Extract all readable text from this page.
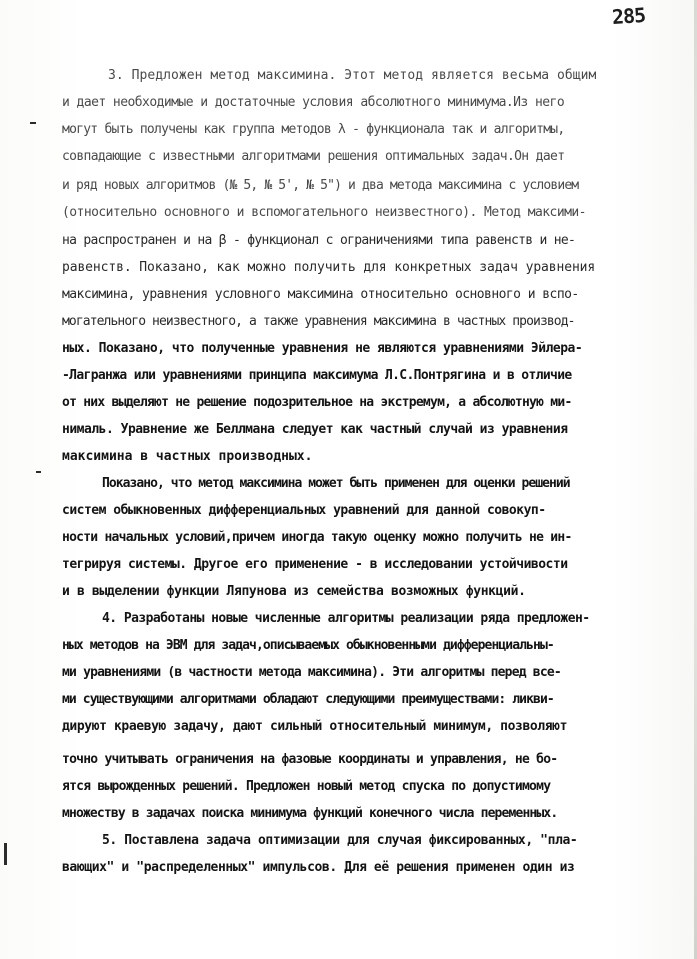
285
3. Предложен метод максимина. Этот метод является весьма общим
и дает необходимые и достаточные условия абсолютного минимума.Из него
могут быть получены как группа методов λ - функционала так и алгоритмы,
совпадающие с известными алгоритмами решения оптимальных задач.Он дает
и ряд новых алгоритмов (№ 5, № 5', № 5") и два метода максимина с условием
(относительно основного и вспомогательного неизвестного). Метод максими-
на распространен и на β - функционал с ограничениями типа равенств и не-
равенств. Показано, как можно получить для конкретных задач уравнения
максимина, уравнения условного максимина относительно основного и вспо-
могательного неизвестного, а также уравнения максимина в частных производ-
ных. Показано, что полученные уравнения не являются уравнениями Эйлера-
-Лагранжа или уравнениями принципа максимума Л.С.Понтрягина и в отличие
от них выделяют не решение подозрительное на экстремум, а абсолютную ми-
нималь. Уравнение же Беллмана следует как частный случай из уравнения
максимина в частных производных.
Показано, что метод максимина может быть применен для оценки решений
систем обыкновенных дифференциальных уравнений для данной совокуп-
ности начальных условий,причем иногда такую оценку можно получить не ин-
тегрируя системы. Другое его применение - в исследовании устойчивости
и в выделении функции Ляпунова из семейства возможных функций.
4. Разработаны новые численные алгоритмы реализации ряда предложен-
ных методов на ЭВМ для задач,описываемых обыкновенными дифференциальны-
ми уравнениями (в частности метода максимина). Эти алгоритмы перед все-
ми существующими алгоритмами обладают следующими преимуществами: ликви-
дируют краевую задачу, дают сильный относительный минимум, позволяют
точно учитывать ограничения на фазовые координаты и управления, не бо-
ятся вырожденных решений. Предложен новый метод спуска по допустимому
множеству в задачах поиска минимума функций конечного числа переменных.
5. Поставлена задача оптимизации для случая фиксированных, "пла-
вающих" и "распределенных" импульсов. Для её решения применен один из
